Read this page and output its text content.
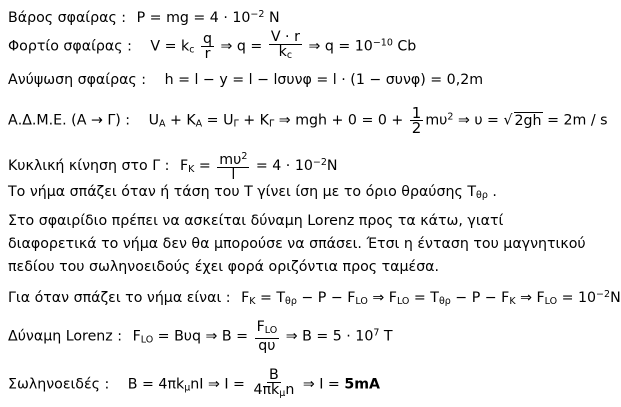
Βάρος σφαίρας : P = mg = $4 \cdot 10^{-2}$ N
Φορτίο σφαίρας : $V = k_c \frac{q}{r}$ ⇒ $q = \frac{V \cdot r}{k_c}$ ⇒ $q = 10^{-10}$ Cb
Ανύψωση σφαίρας : h = l − y = l − lσυνφ = l · (1 − συνφ) = 0,2m
Α.Δ.Μ.Ε. (Α → Γ) : $U_A + K_A = U_\Gamma + K_\Gamma$ ⇒ mgh + $0 = 0 + \frac{1}{2} m\upsilon^2$ ⇒ υ = √ 2gh = 2m / s
Κυκλική κίνηση στο Γ : $F_K = \frac{m\upsilon^2}{l} = 4 \cdot 10^{-2}N$
Το νήμα σπάζει όταν ή τάση του Τ γίνει ίση με το όριο θραύσης $T_{\theta\rho}$ .
Στο σφαιρίδιο πρέπει να ασκείται δύναμη Lorenz προς τα κάτω, γιατί
διαφορετικά το νήμα δεν θα μπορούσε να σπάσει. Έτσι η ένταση του μαγνητικού
πεδίου του σωληνοειδούς έχει φορά οριζόντια προς ταμέσα.
Για όταν σπάζει το νήμα είναι : $F_K = T_{\theta\rho} - P - F_{LO}$ ⇒ $F_{LO} = T_{\theta\rho} - P - F_K$ ⇒ $F_{LO} = 10^{-2}N$
Δύναμη Lorenz : $F_{LO} = B\upsilon q$ ⇒ B =
$F_{LO}$
qυ
⇒ $B = 5 \cdot 10^7$ T
Σωληνοειδές : $B = 4\pi k_\mu nI$ ⇒ I =
B
$4\pi k_\mu n$ ⇒ I = 5mA
